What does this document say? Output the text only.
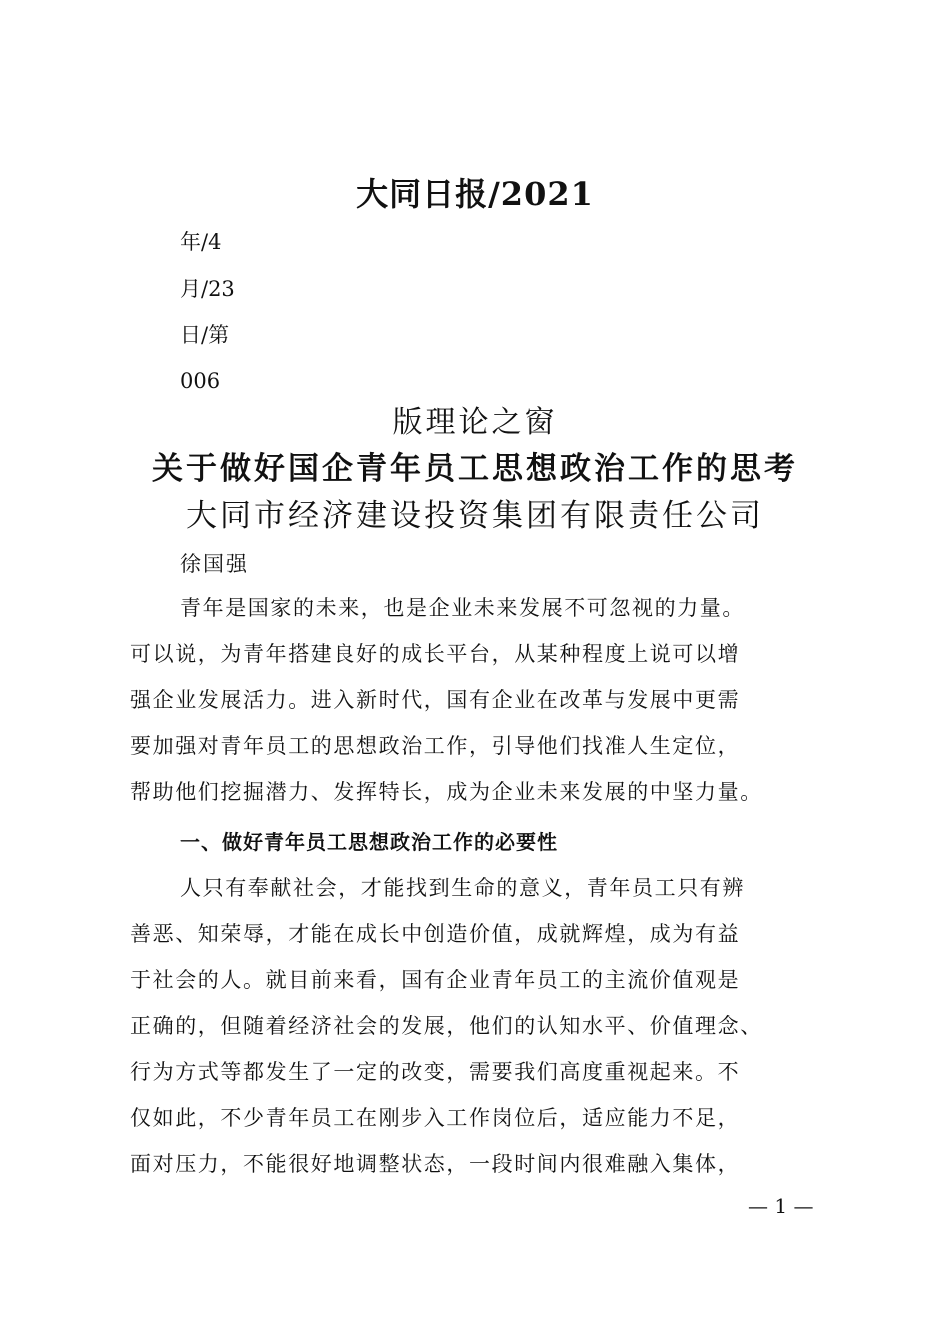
大同日报/2021
年/4
月/23
日/第
006
版理论之窗
关于做好国企青年员工思想政治工作的思考
大同市经济建设投资集团有限责任公司
徐国强
青年是国家的未来，也是企业未来发展不可忽视的力量。
可以说，为青年搭建良好的成长平台，从某种程度上说可以增
强企业发展活力。进入新时代，国有企业在改革与发展中更需
要加强对青年员工的思想政治工作，引导他们找准人生定位，
帮助他们挖掘潜力、发挥特长，成为企业未来发展的中坚力量。
一、做好青年员工思想政治工作的必要性
人只有奉献社会，才能找到生命的意义，青年员工只有辨
善恶、知荣辱，才能在成长中创造价值，成就辉煌，成为有益
于社会的人。就目前来看，国有企业青年员工的主流价值观是
正确的，但随着经济社会的发展，他们的认知水平、价值理念、
行为方式等都发生了一定的改变，需要我们高度重视起来。不
仅如此，不少青年员工在刚步入工作岗位后，适应能力不足，
面对压力，不能很好地调整状态，一段时间内很难融入集体，
— 1 —
